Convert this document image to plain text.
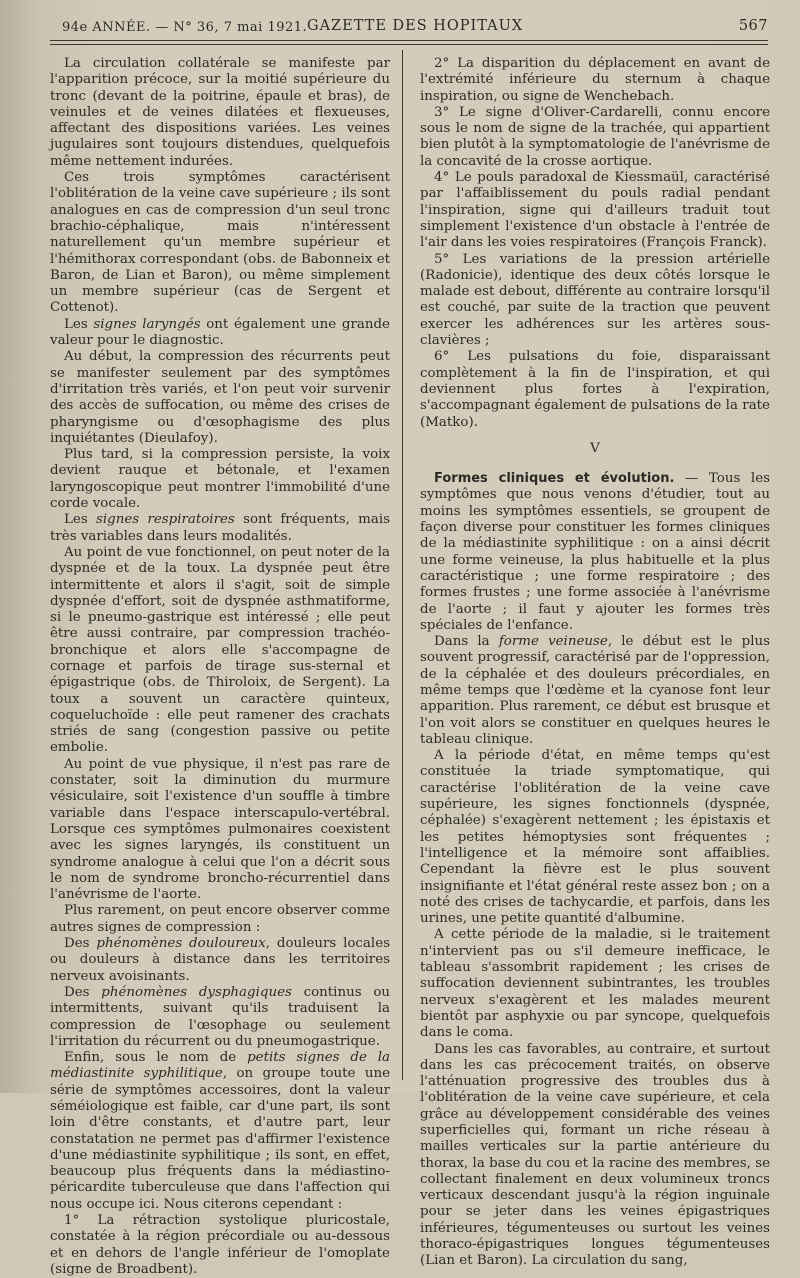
94e ANNÉE. — N° 36, 7 mai 1921. GAZETTE DES HOPITAUX	567

La circulation collatérale se manifeste par l'apparition précoce, sur la moitié supérieure du tronc (devant de la poitrine, épaule et bras), de veinules et de veines dilatées et flexueuses, affectant des dispositions variées. Les veines jugulaires sont toujours distendues, quelquefois même nettement indurées.

Ces trois symptômes caractérisent l'oblitération de la veine cave supérieure ; ils sont analogues en cas de compression d'un seul tronc brachio-céphalique, mais n'intéressent naturellement qu'un membre supérieur et l'hémithorax correspondant (obs. de Babonneix et Baron, de Lian et Baron), ou même simplement un membre supérieur (cas de Sergent et Cottenot).

Les signes laryngés ont également une grande valeur pour le diagnostic.

Au début, la compression des récurrents peut se manifester seulement par des symptômes d'irritation très variés, et l'on peut voir survenir des accès de suffocation, ou même des crises de pharyngisme ou d'œsophagisme des plus inquiétantes (Dieulafoy).

Plus tard, si la compression persiste, la voix devient rauque et bétonale, et l'examen laryngoscopique peut montrer l'immobilité d'une corde vocale.

Les signes respiratoires sont fréquents, mais très variables dans leurs modalités.

Au point de vue fonctionnel, on peut noter de la dyspnée et de la toux. La dyspnée peut être intermittente et alors il s'agit, soit de simple dyspnée d'effort, soit de dyspnée asthmatiforme, si le pneumo-gastrique est intéressé ; elle peut être aussi contraire, par compression trachéo-bronchique et alors elle s'accompagne de cornage et parfois de tirage sus-sternal et épigastrique (obs. de Thiroloix, de Sergent). La toux a souvent un caractère quinteux, coqueluchoïde : elle peut ramener des crachats striés de sang (congestion passive ou petite embolie.

Au point de vue physique, il n'est pas rare de constater, soit la diminution du murmure vésiculaire, soit l'existence d'un souffle à timbre variable dans l'espace interscapulo-vertébral. Lorsque ces symptômes pulmonaires coexistent avec les signes laryngés, ils constituent un syndrome analogue à celui que l'on a décrit sous le nom de syndrome broncho-récurrentiel dans l'anévrisme de l'aorte.

Plus rarement, on peut encore observer comme autres signes de compression :

Des phénomènes douloureux, douleurs locales ou douleurs à distance dans les territoires nerveux avoisinants.

Des phénomènes dysphagiques continus ou intermittents, suivant qu'ils traduisent la compression de l'œsophage ou seulement l'irritation du récurrent ou du pneumogastrique.

Enfin, sous le nom de petits signes de la médiastinite syphilitique, on groupe toute une série de symptômes accessoires, dont la valeur séméiologique est faible, car d'une part, ils sont loin d'être constants, et d'autre part, leur constatation ne permet pas d'affirmer l'existence d'une médiastinite syphilitique ; ils sont, en effet, beaucoup plus fréquents dans la médiastino-péricardite tuberculeuse que dans l'affection qui nous occupe ici. Nous citerons cependant :

1° La rétraction systolique pluricostale, constatée à la région précordiale ou au-dessous et en dehors de l'angle inférieur de l'omoplate (signe de Broadbent).

2° La disparition du déplacement en avant de l'extrémité inférieure du sternum à chaque inspiration, ou signe de Wenchebach.

3° Le signe d'Oliver-Cardarelli, connu encore sous le nom de signe de la trachée, qui appartient bien plutôt à la symptomatologie de l'anévrisme de la concavité de la crosse aortique.

4° Le pouls paradoxal de Kiessmaül, caractérisé par l'affaiblissement du pouls radial pendant l'inspiration, signe qui d'ailleurs traduit tout simplement l'existence d'un obstacle à l'entrée de l'air dans les voies respiratoires (François Franck).

5° Les variations de la pression artérielle (Radonicie), identique des deux côtés lorsque le malade est debout, différente au contraire lorsqu'il est couché, par suite de la traction que peuvent exercer les adhérences sur les artères sous-clavières ;

6° Les pulsations du foie, disparaissant complètement à la fin de l'inspiration, et qui deviennent plus fortes à l'expiration, s'accompagnant également de pulsations de la rate (Matko).

V

Formes cliniques et évolution. — Tous les symptômes que nous venons d'étudier, tout au moins les symptômes essentiels, se groupent de façon diverse pour constituer les formes cliniques de la médiastinite syphilitique : on a ainsi décrit une forme veineuse, la plus habituelle et la plus caractéristique ; une forme respiratoire ; des formes frustes ; une forme associée à l'anévrisme de l'aorte ; il faut y ajouter les formes très spéciales de l'enfance.

Dans la forme veineuse, le début est le plus souvent progressif, caractérisé par de l'oppression, de la céphalée et des douleurs précordiales, en même temps que l'œdème et la cyanose font leur apparition. Plus rarement, ce début est brusque et l'on voit alors se constituer en quelques heures le tableau clinique.

A la période d'état, en même temps qu'est constituée la triade symptomatique, qui caractérise l'oblitération de la veine cave supérieure, les signes fonctionnels (dyspnée, céphalée) s'exagèrent nettement ; les épistaxis et les petites hémoptysies sont fréquentes ; l'intelligence et la mémoire sont affaiblies. Cependant la fièvre est le plus souvent insignifiante et l'état général reste assez bon ; on a noté des crises de tachycardie, et parfois, dans les urines, une petite quantité d'albumine.

A cette période de la maladie, si le traitement n'intervient pas ou s'il demeure inefficace, le tableau s'assombrit rapidement ; les crises de suffocation deviennent subintrantes, les troubles nerveux s'exagèrent et les malades meurent bientôt par asphyxie ou par syncope, quelquefois dans le coma.

Dans les cas favorables, au contraire, et surtout dans les cas précocement traités, on observe l'atténuation progressive des troubles dus à l'oblitération de la veine cave supérieure, et cela grâce au développement considérable des veines superficielles qui, formant un riche réseau à mailles verticales sur la partie antérieure du thorax, la base du cou et la racine des membres, se collectant finalement en deux volumineux troncs verticaux descendant jusqu'à la région inguinale pour se jeter dans les veines épigastriques inférieures, tégumenteuses ou surtout les veines thoraco-épigastriques longues tégumenteuses (Lian et Baron). La circulation du sang,
